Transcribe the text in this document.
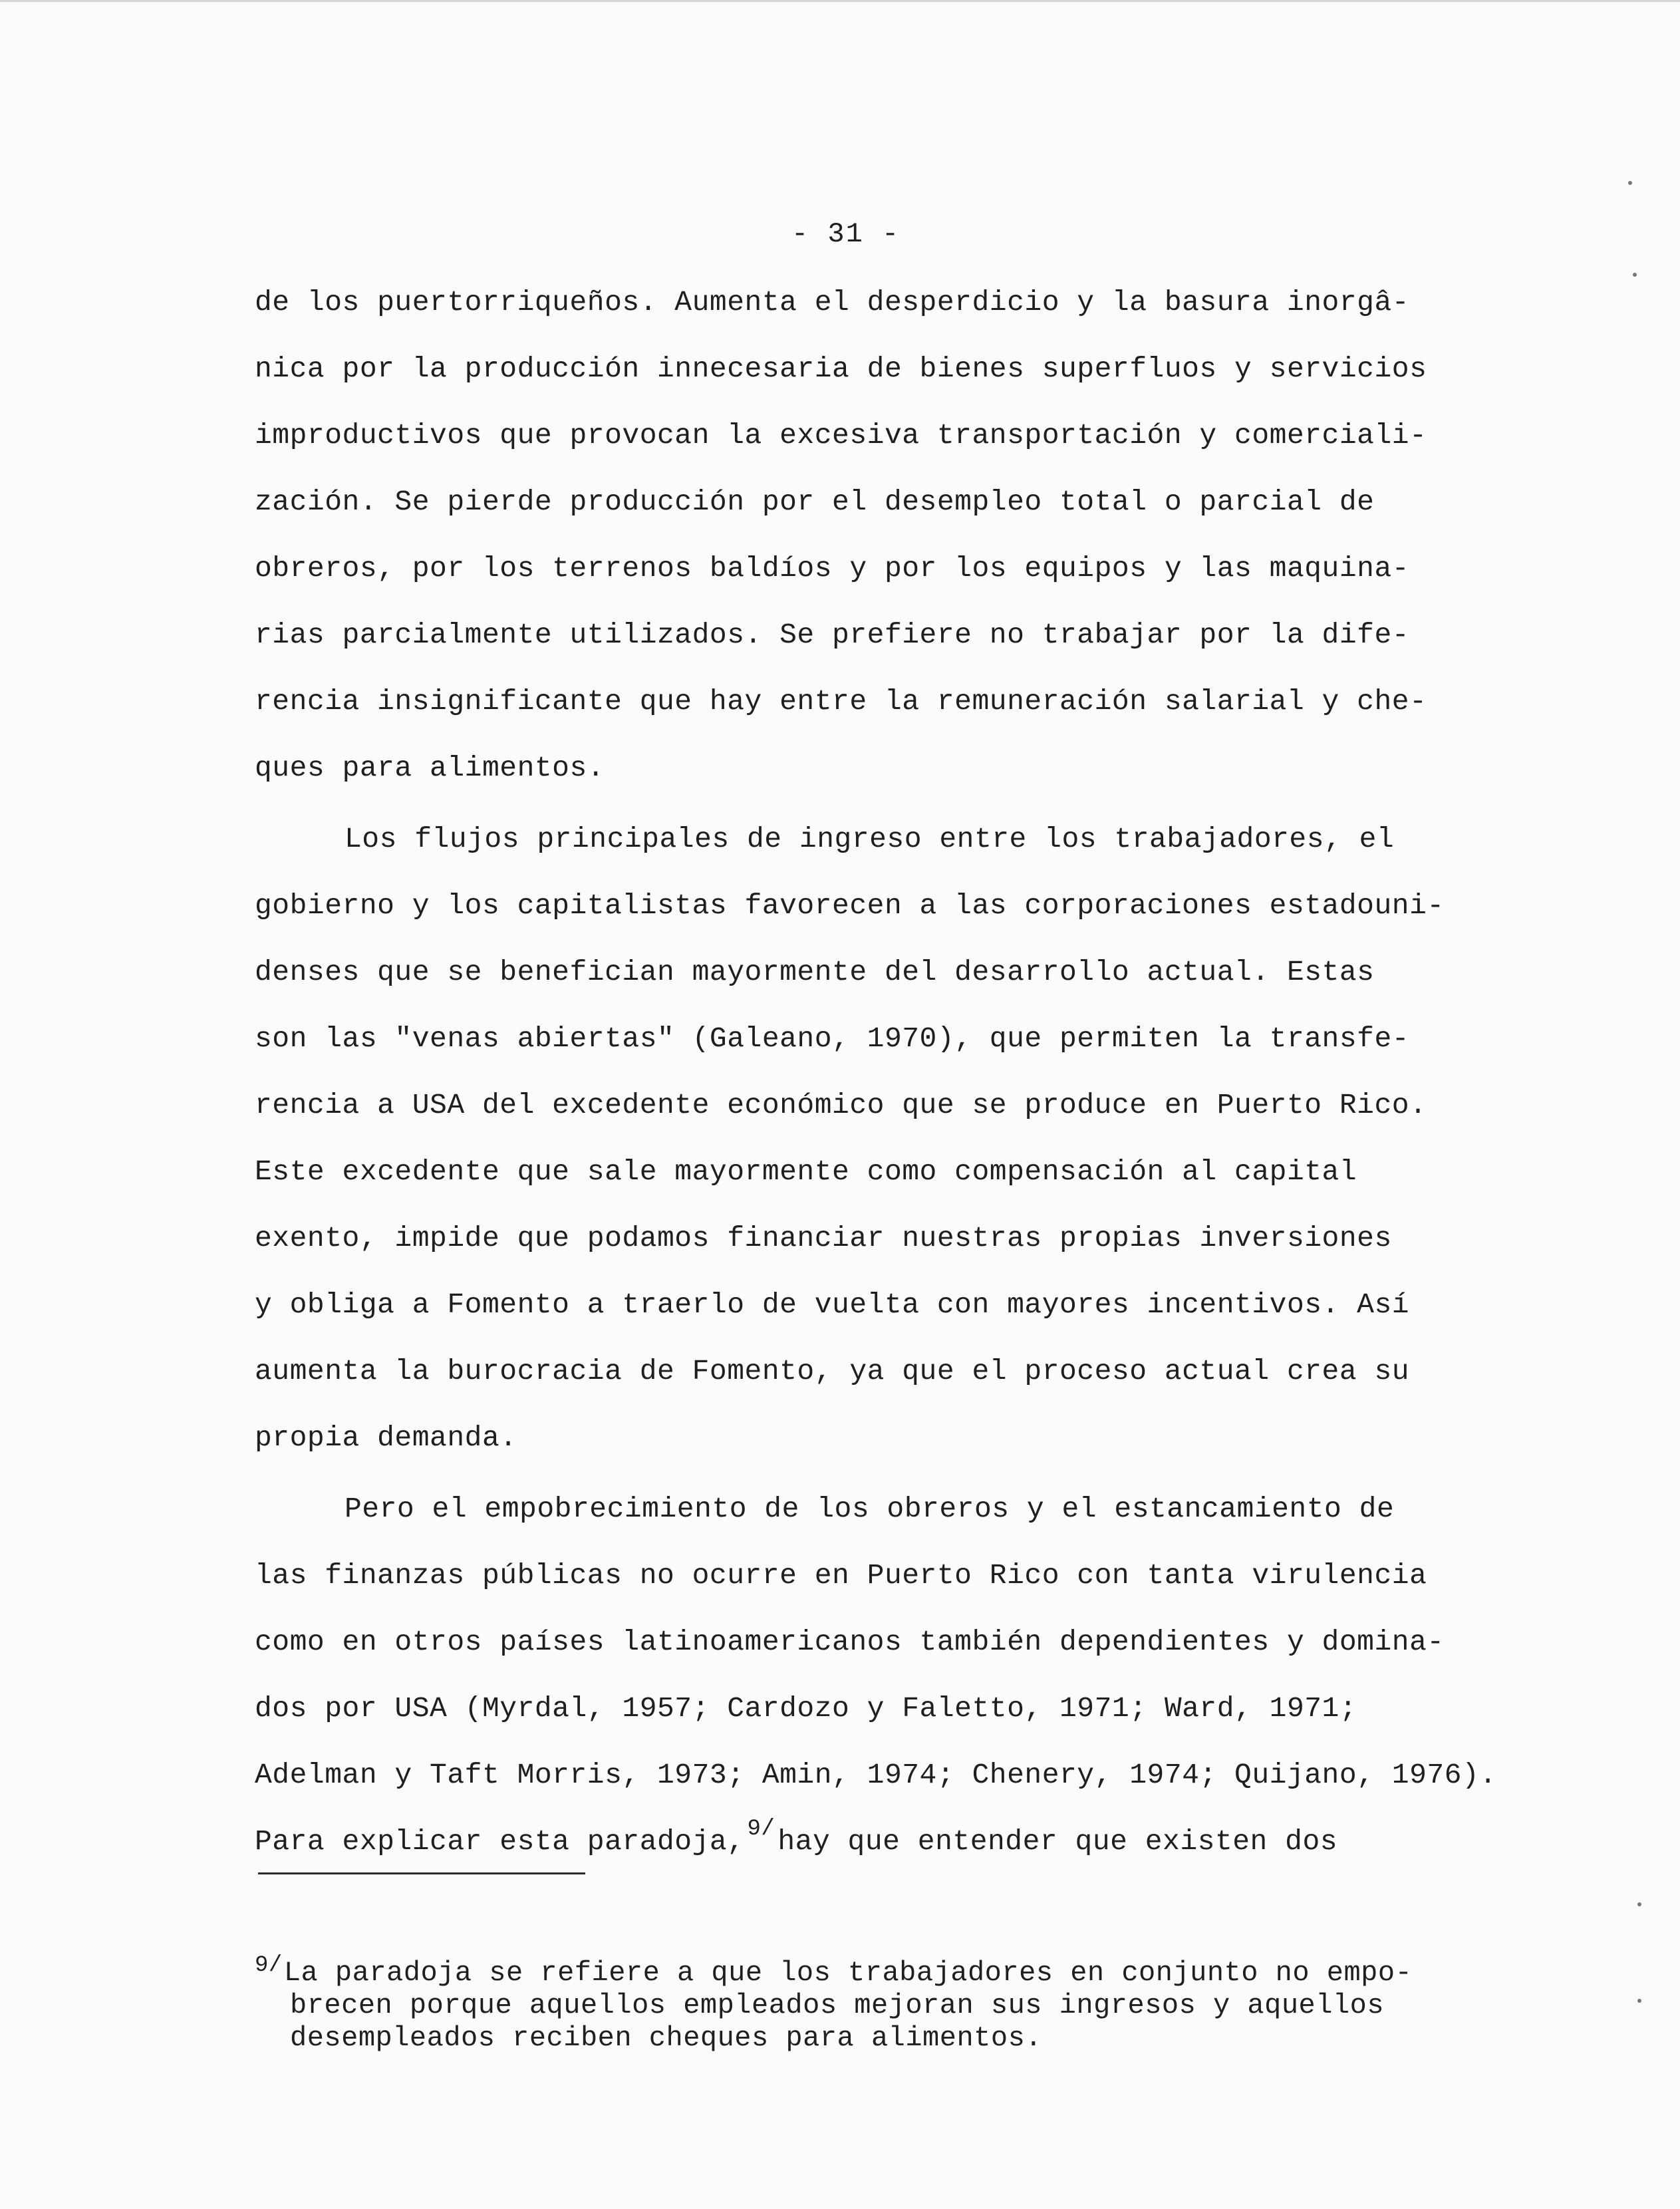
- 31 -
de los puertorriqueños. Aumenta el desperdicio y la basura inorgâ-
nica por la producción innecesaria de bienes superfluos y servicios
improductivos que provocan la excesiva transportación y comerciali-
zación. Se pierde producción por el desempleo total o parcial de
obreros, por los terrenos baldíos y por los equipos y las maquina-
rias parcialmente utilizados. Se prefiere no trabajar por la dife-
rencia insignificante que hay entre la remuneración salarial y che-
ques para alimentos.
Los flujos principales de ingreso entre los trabajadores, el
gobierno y los capitalistas favorecen a las corporaciones estadouni-
denses que se benefician mayormente del desarrollo actual. Estas
son las "venas abiertas" (Galeano, 1970), que permiten la transfe-
rencia a USA del excedente económico que se produce en Puerto Rico.
Este excedente que sale mayormente como compensación al capital
exento, impide que podamos financiar nuestras propias inversiones
y obliga a Fomento a traerlo de vuelta con mayores incentivos. Así
aumenta la burocracia de Fomento, ya que el proceso actual crea su
propia demanda.
Pero el empobrecimiento de los obreros y el estancamiento de
las finanzas públicas no ocurre en Puerto Rico con tanta virulencia
como en otros países latinoamericanos también dependientes y domina-
dos por USA (Myrdal, 1957; Cardozo y Faletto, 1971; Ward, 1971;
Adelman y Taft Morris, 1973; Amin, 1974; Chenery, 1974; Quijano, 1976).
Para explicar esta paradoja, 9/hay que entender que existen dos
9/La paradoja se refiere a que los trabajadores en conjunto no empo-
brecen porque aquellos empleados mejoran sus ingresos y aquellos
desempleados reciben cheques para alimentos.
